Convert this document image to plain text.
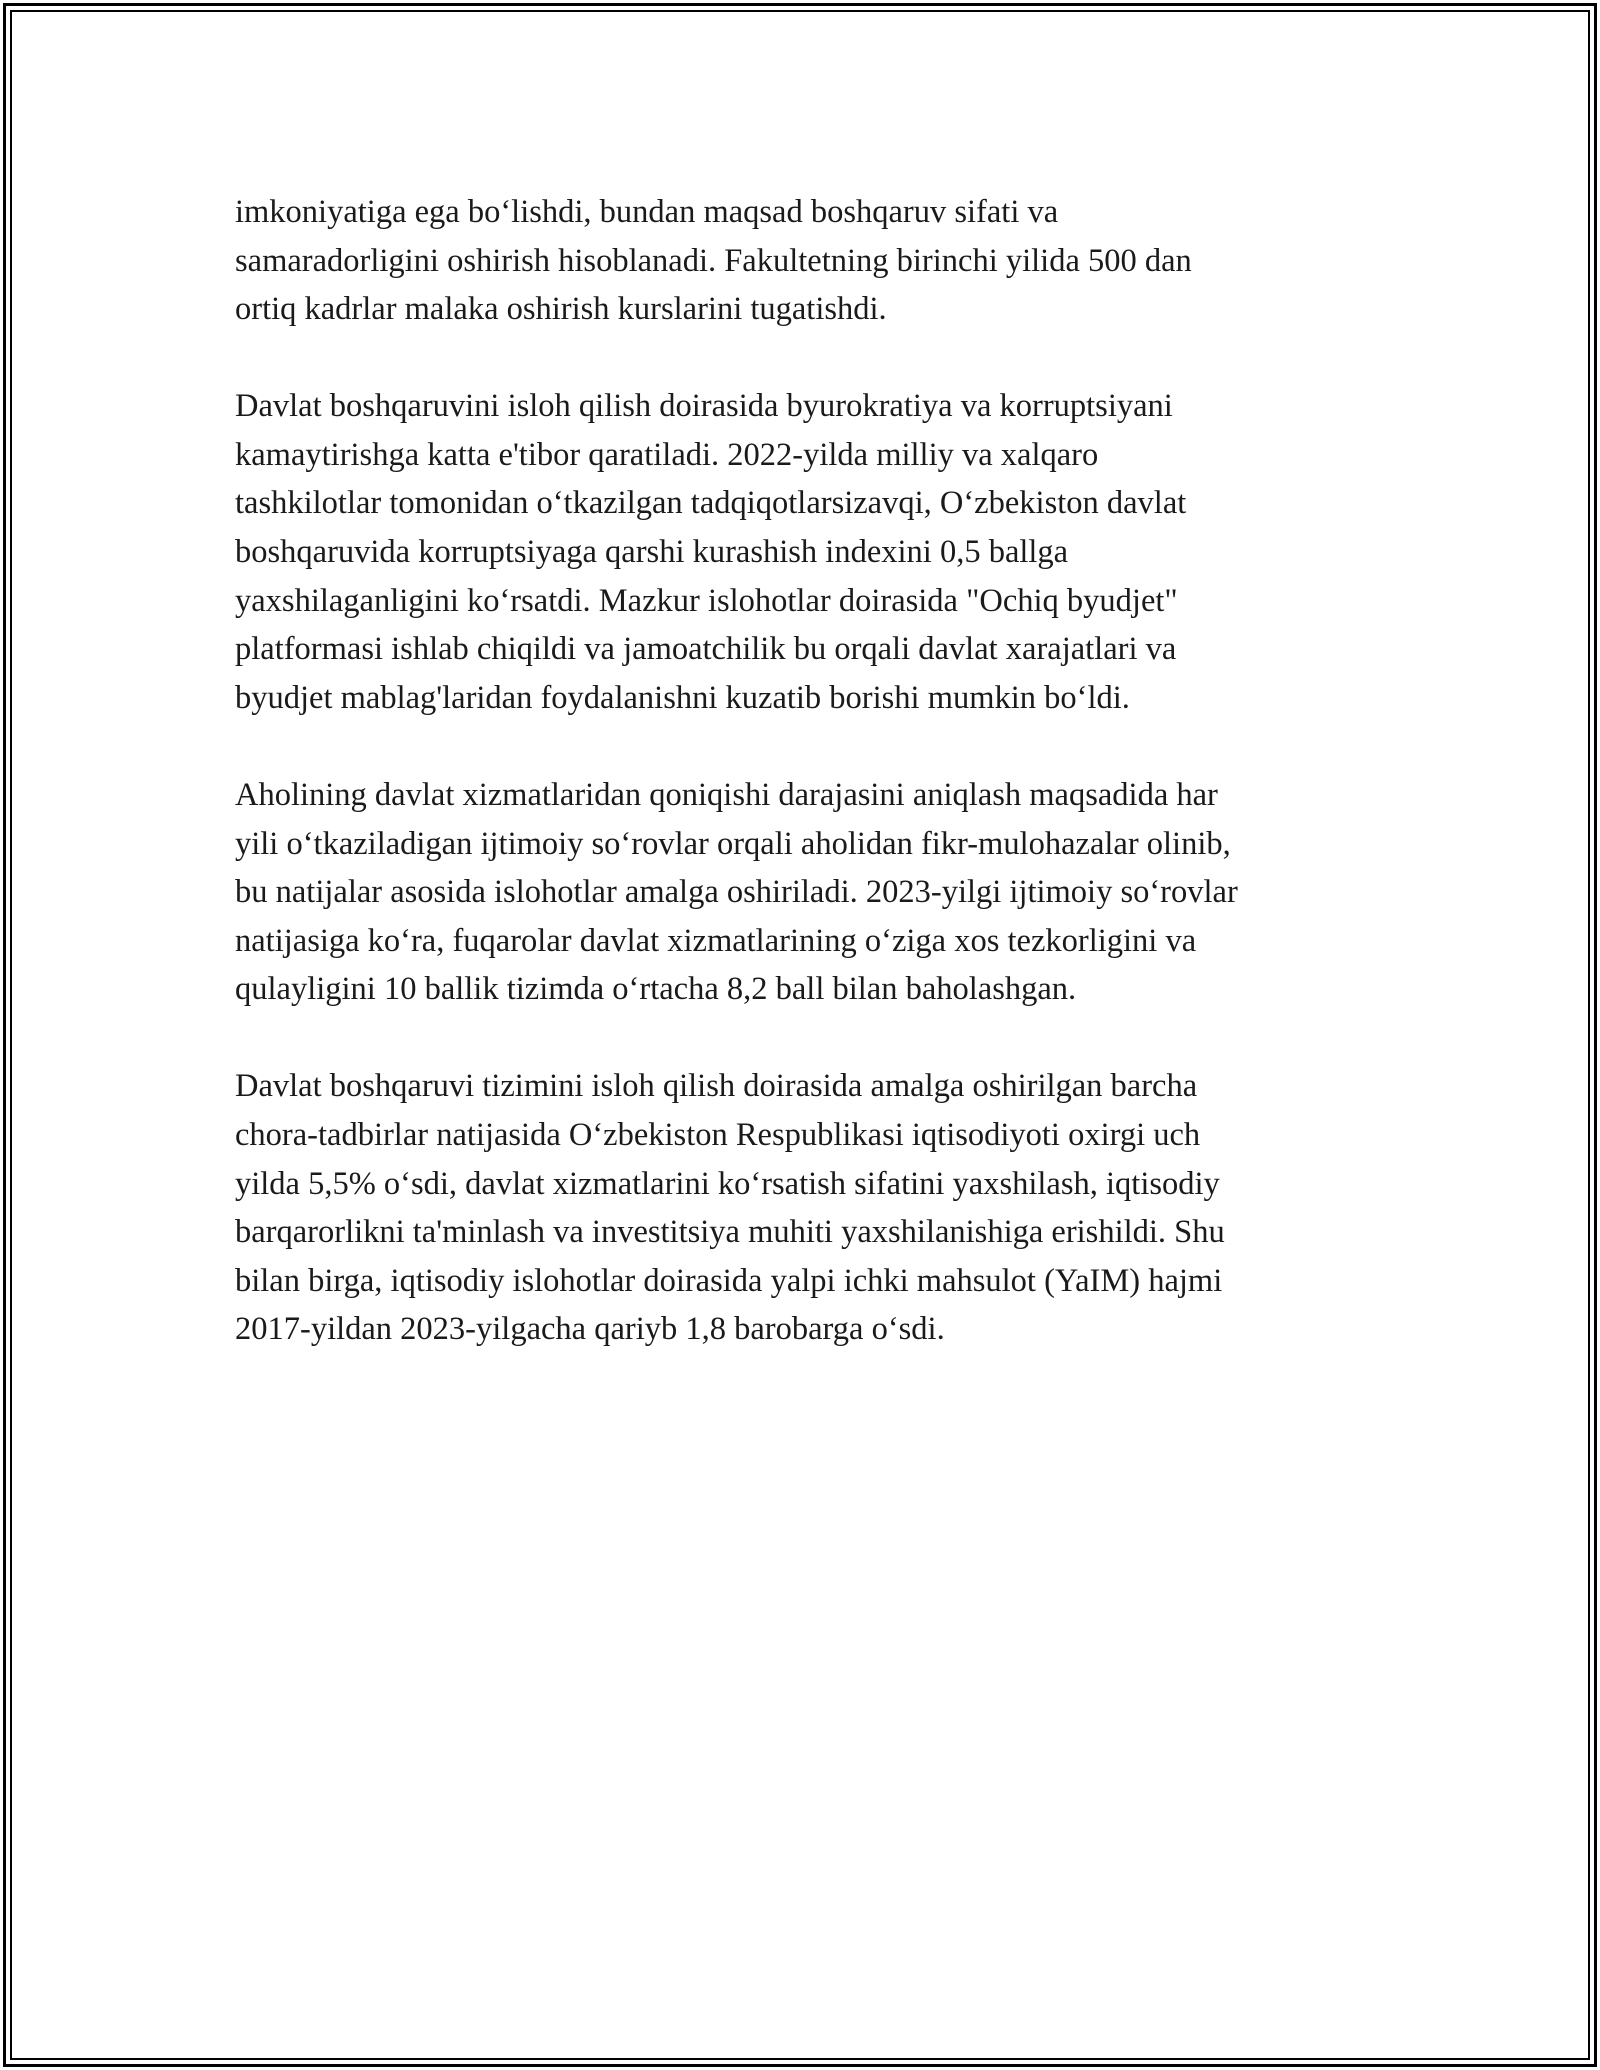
imkoniyatiga ega boʻlishdi, bundan maqsad boshqaruv sifati va
samaradorligini oshirish hisoblanadi. Fakultetning birinchi yilida 500 dan
ortiq kadrlar malaka oshirish kurslarini tugatishdi.

Davlat boshqaruvini isloh qilish doirasida byurokratiya va korruptsiyani
kamaytirishga katta e'tibor qaratiladi. 2022-yilda milliy va xalqaro
tashkilotlar tomonidan oʻtkazilgan tadqiqotlarsizavqi, Oʻzbekiston davlat
boshqaruvida korruptsiyaga qarshi kurashish indexini 0,5 ballga
yaxshilaganligini koʻrsatdi. Mazkur islohotlar doirasida "Ochiq byudjet"
platformasi ishlab chiqildi va jamoatchilik bu orqali davlat xarajatlari va
byudjet mablag'laridan foydalanishni kuzatib borishi mumkin boʻldi.

Aholining davlat xizmatlaridan qoniqishi darajasini aniqlash maqsadida har
yili oʻtkaziladigan ijtimoiy soʻrovlar orqali aholidan fikr-mulohazalar olinib,
bu natijalar asosida islohotlar amalga oshiriladi. 2023-yilgi ijtimoiy soʻrovlar
natijasiga koʻra, fuqarolar davlat xizmatlarining oʻziga xos tezkorligini va
qulayligini 10 ballik tizimda oʻrtacha 8,2 ball bilan baholashgan.

Davlat boshqaruvi tizimini isloh qilish doirasida amalga oshirilgan barcha
chora-tadbirlar natijasida Oʻzbekiston Respublikasi iqtisodiyoti oxirgi uch
yilda 5,5% oʻsdi, davlat xizmatlarini koʻrsatish sifatini yaxshilash, iqtisodiy
barqarorlikni ta'minlash va investitsiya muhiti yaxshilanishiga erishildi. Shu
bilan birga, iqtisodiy islohotlar doirasida yalpi ichki mahsulot (YaIM) hajmi
2017-yildan 2023-yilgacha qariyb 1,8 barobarga oʻsdi.
